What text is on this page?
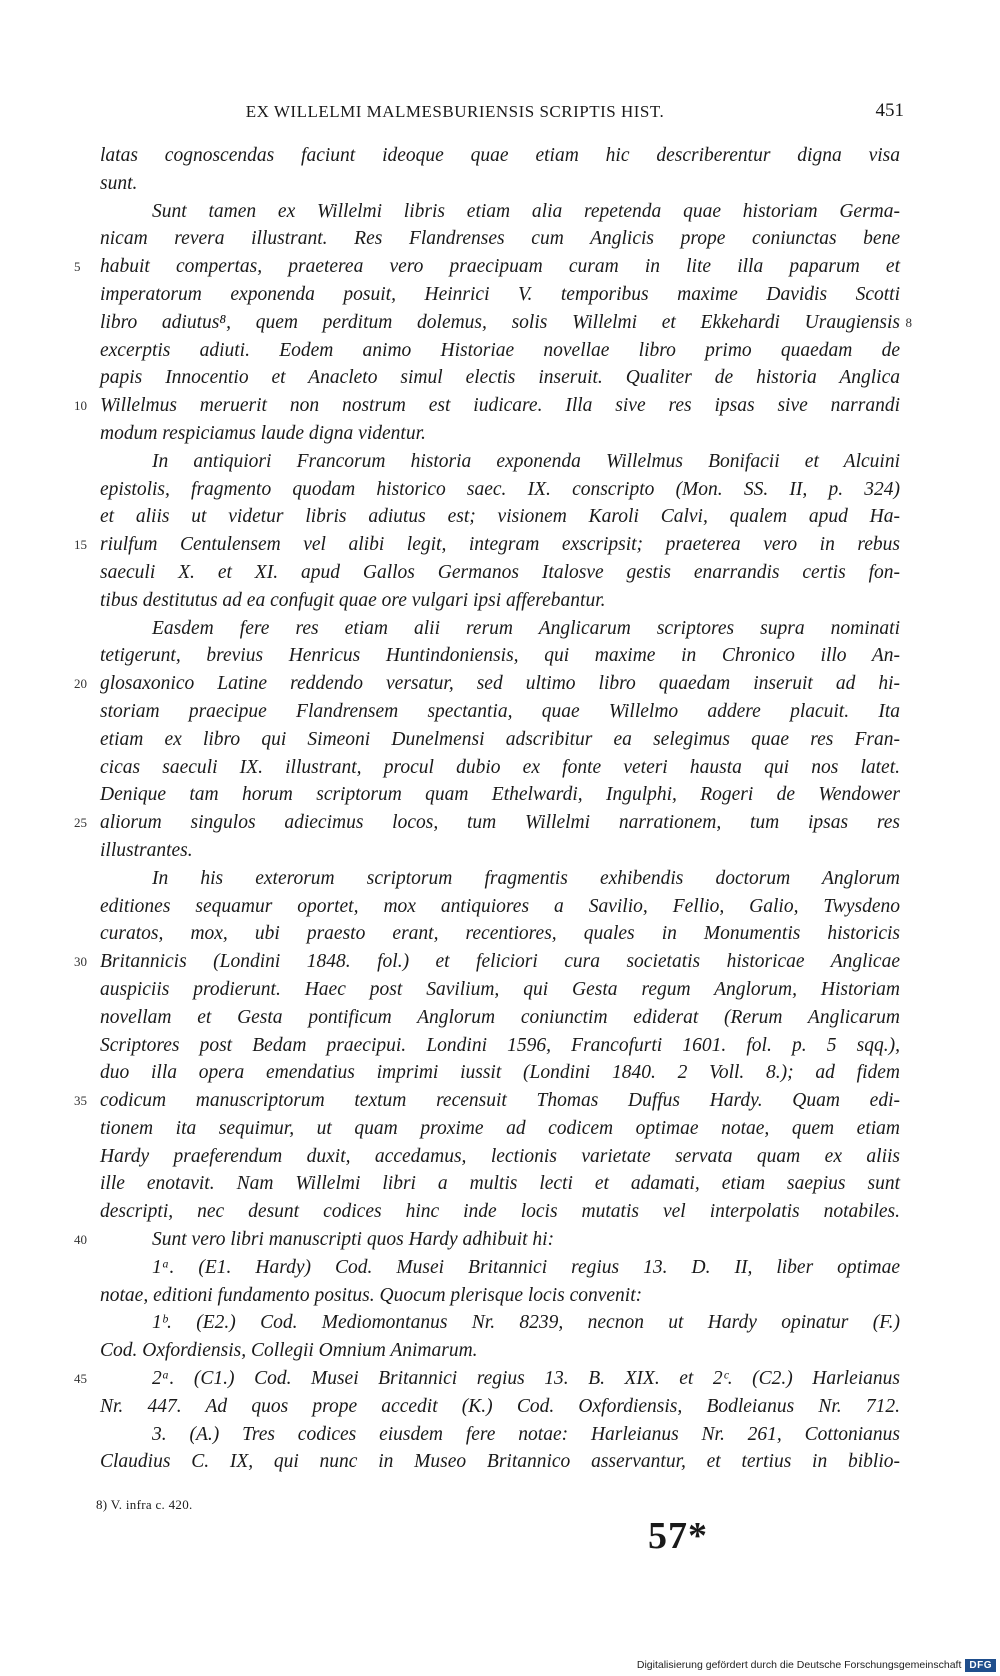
EX WILLELMI MALMESBURIENSIS SCRIPTIS HIST.	451
latas cognoscendas faciunt ideoque quae etiam hic describerentur digna visa
sunt.
Sunt tamen ex Willelmi libris etiam alia repetenda quae historiam Germa-
nicam revera illustrant. Res Flandrenses cum Anglicis prope coniunctas bene
5 habuit compertas, praeterea vero praecipuam curam in lite illa paparum et
imperatorum exponenda posuit, Heinrici V. temporibus maxime Davidis Scotti
libro adiutus⁸, quem perditum dolemus, solis Willelmi et Ekkehardi Uraugiensis 8
excerptis adiuti. Eodem animo Historiae novellae libro primo quaedam de
papis Innocentio et Anacleto simul electis inseruit. Qualiter de historia Anglica
10 Willelmus meruerit non nostrum est iudicare. Illa sive res ipsas sive narrandi
modum respiciamus laude digna videntur.
In antiquiori Francorum historia exponenda Willelmus Bonifacii et Alcuini
epistolis, fragmento quodam historico saec. IX. conscripto (Mon. SS. II, p. 324)
et aliis ut videtur libris adiutus est; visionem Karoli Calvi, qualem apud Ha-
15 riulfum Centulensem vel alibi legit, integram exscripsit; praeterea vero in rebus
saeculi X. et XI. apud Gallos Germanos Italosve gestis enarrandis certis fon-
tibus destitutus ad ea confugit quae ore vulgari ipsi afferebantur.
Easdem fere res etiam alii rerum Anglicarum scriptores supra nominati
tetigerunt, brevius Henricus Huntindoniensis, qui maxime in Chronico illo An-
20 glosaxonico Latine reddendo versatur, sed ultimo libro quaedam inseruit ad hi-
storiam praecipue Flandrensem spectantia, quae Willelmo addere placuit. Ita
etiam ex libro qui Simeoni Dunelmensi adscribitur ea selegimus quae res Fran-
cicas saeculi IX. illustrant, procul dubio ex fonte veteri hausta qui nos latet.
Denique tam horum scriptorum quam Ethelwardi, Ingulphi, Rogeri de Wendower
25 aliorum singulos adiecimus locos, tum Willelmi narrationem, tum ipsas res
illustrantes.
In his exterorum scriptorum fragmentis exhibendis doctorum Anglorum
editiones sequamur oportet, mox antiquiores a Savilio, Fellio, Galio, Twysdeno
curatos, mox, ubi praesto erant, recentiores, quales in Monumentis historicis
30 Britannicis (Londini 1848. fol.) et feliciori cura societatis historicae Anglicae
auspiciis prodierunt. Haec post Savilium, qui Gesta regum Anglorum, Historiam
novellam et Gesta pontificum Anglorum coniunctim ediderat (Rerum Anglicarum
Scriptores post Bedam praecipui. Londini 1596, Francofurti 1601. fol. p. 5 sqq.),
duo illa opera emendatius imprimi iussit (Londini 1840. 2 Voll. 8.); ad fidem
35 codicum manuscriptorum textum recensuit Thomas Duffus Hardy. Quam edi-
tionem ita sequimur, ut quam proxime ad codicem optimae notae, quem etiam
Hardy praeferendum duxit, accedamus, lectionis varietate servata quam ex aliis
ille enotavit. Nam Willelmi libri a multis lecti et adamati, etiam saepius sunt
descripti, nec desunt codices hinc inde locis mutatis vel interpolatis notabiles.
40	Sunt vero libri manuscripti quos Hardy adhibuit hi:
1ᵃ. (E1. Hardy) Cod. Musei Britannici regius 13. D. II, liber optimae
notae, editioni fundamento positus. Quocum plerisque locis convenit:
1ᵇ. (E2.) Cod. Mediomontanus Nr. 8239, necnon ut Hardy opinatur (F.)
Cod. Oxfordiensis, Collegii Omnium Animarum.
45	2ᵃ. (C1.) Cod. Musei Britannici regius 13. B. XIX. et 2ᶜ. (C2.) Harleianus
Nr. 447. Ad quos prope accedit (K.) Cod. Oxfordiensis, Bodleianus Nr. 712.
3. (A.) Tres codices eiusdem fere notae: Harleianus Nr. 261, Cottonianus
Claudius C. IX, qui nunc in Museo Britannico asservantur, et tertius in biblio-
8) V. infra c. 420.
57*
Digitalisierung gefördert durch die Deutsche Forschungsgemeinschaft DFG
